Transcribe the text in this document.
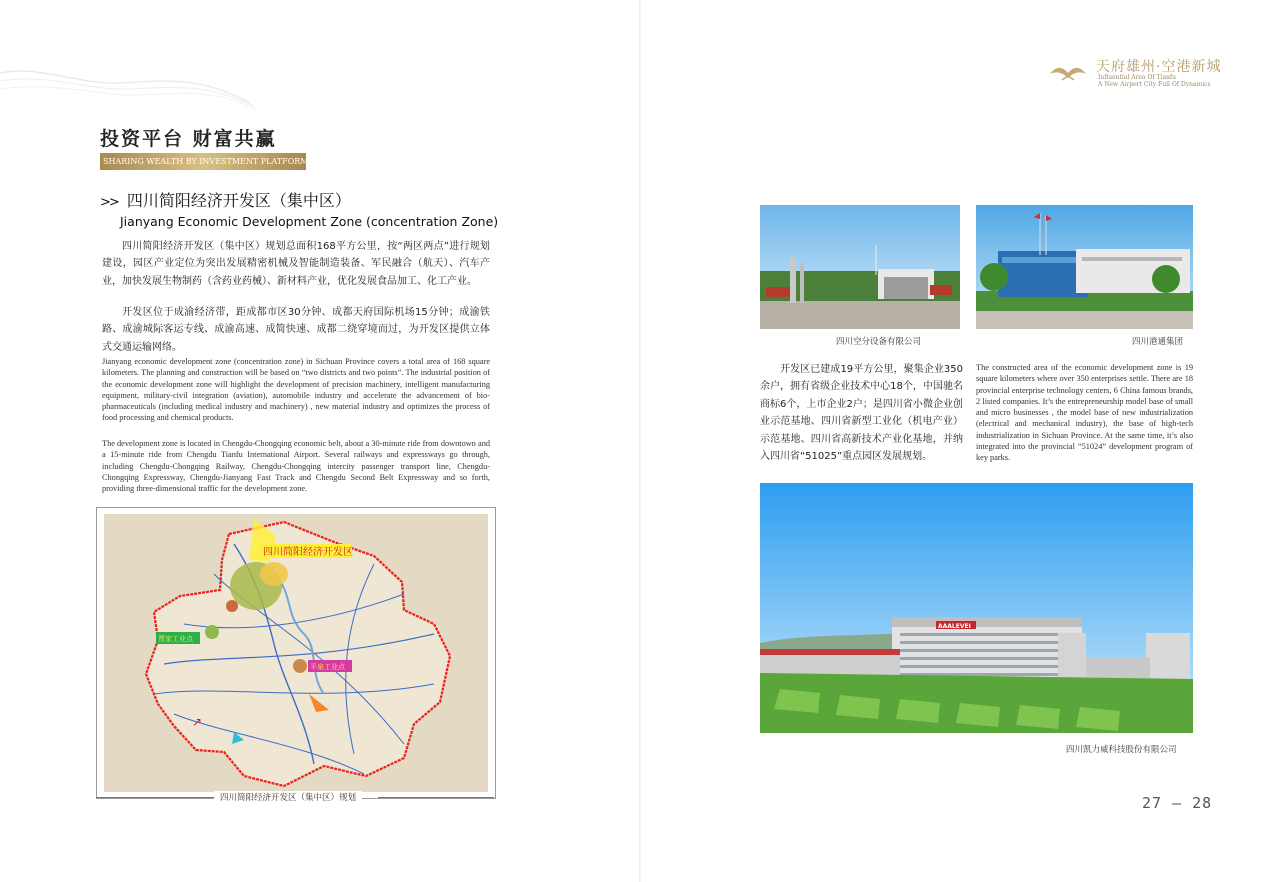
天府雄州·空港新城
Influential Area Of Tianfu
A New Airport City Full Of Dynamics
投资平台 财富共赢
SHARING WEALTH BY INVESTMENT PLATFORM
>> 四川简阳经济开发区（集中区）
Jianyang Economic Development Zone (concentration Zone)

四川简阳经济开发区（集中区）规划总面积168平方公里，按“两区两点”进行规划建设，园区产业定位为突出发展精密机械及智能制造装备、军民融合（航天）、汽车产业，加快发展生物制药（含药业药械）、新材料产业，优化发展食品加工、化工产业。

开发区位于成渝经济带，距成都市区30分钟、成都天府国际机场15分钟；成渝铁路、成渝城际客运专线、成渝高速、成简快速、成都二绕穿境而过，为开发区提供立体式交通运输网络。

Jianyang economic development zone (concentration zone) in Sichuan Province covers a total area of 168 square kilometers. The planning and construction will be based on “two districts and two points”. The industrial position of the economic development zone will highlight the development of precision machinery, intelligent manufacturing equipment, military-civil integration (aviation), automobile industry and accelerate the advancement of bio-pharmaceuticals (including medical industry and machinery) , new material industry and optimizes the process of food processing and chemical products.

The development zone is located in Chengdu-Chongqing economic belt, about a 30-minute ride from downtown and a 15-minute ride from Chengdu Tianfu International Airport. Several railways and expressways go through, including Chengdu-Chongqing Railway, Chengdu-Chongqing intercity passenger transport line, Chengdu-Chongqing Expressway, Chengdu-Jianyang Fast Track and Chengdu Second Belt Expressway and so forth, providing three-dimensional traffic for the development zone.

四川简阳经济开发区
贾家工业点
平泉工业点
↗
四川简阳经济开发区（集中区）规划
四川空分设备有限公司	四川港通集团

开发区已建成19平方公里，聚集企业350余户，拥有省级企业技术中心18个，中国驰名商标6个，上市企业2户；是四川省小微企业创业示范基地、四川省新型工业化（机电产业）示范基地、四川省高新技术产业化基地，并纳入四川省“51025”重点园区发展规划。

The constructed area of the economic development zone is 19 square kilometers where over 350 enterprises settle. There are 18 provincial enterprise technology centers, 6 China famous brands, 2 listed companies. It’s the entrepreneurship model base of small and micro businesses , the model base of new industrialization (electrical and mechanical industry), the base of high-tech industrialization in Sichuan Province. At the same time, it’s also integrated into the provincial “51024” development program of key parks.

AAALEVEI
四川凯力威科技股份有限公司
27 — 28
